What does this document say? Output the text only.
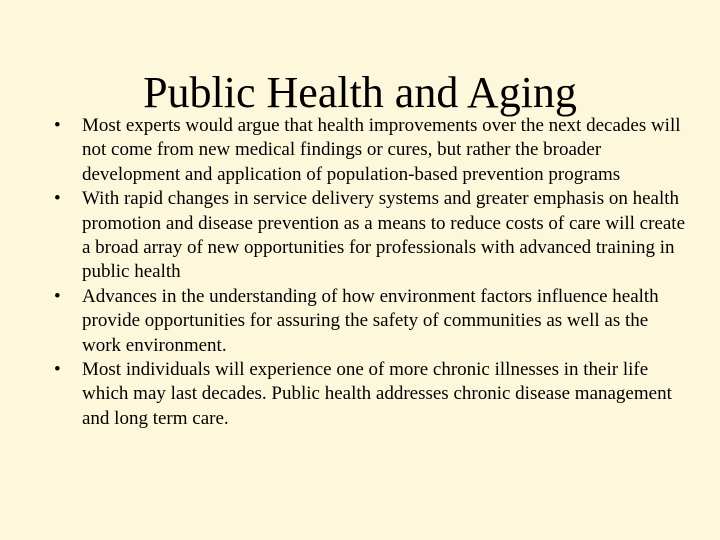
Public Health and Aging
•	Most experts would argue that health improvements over the next decades will not come from new medical findings or cures, but rather the broader development and application of population-based prevention programs
•	With rapid changes in service delivery systems and greater emphasis on health promotion and disease prevention as a means to reduce costs of care will create a broad array of new opportunities for professionals with advanced training in public health
•	Advances in the understanding of how environment factors influence health provide opportunities for assuring the safety of communities as well as the work environment.
•	Most individuals will experience one of more chronic illnesses in their life which may last decades. Public health addresses chronic disease management and long term care.
